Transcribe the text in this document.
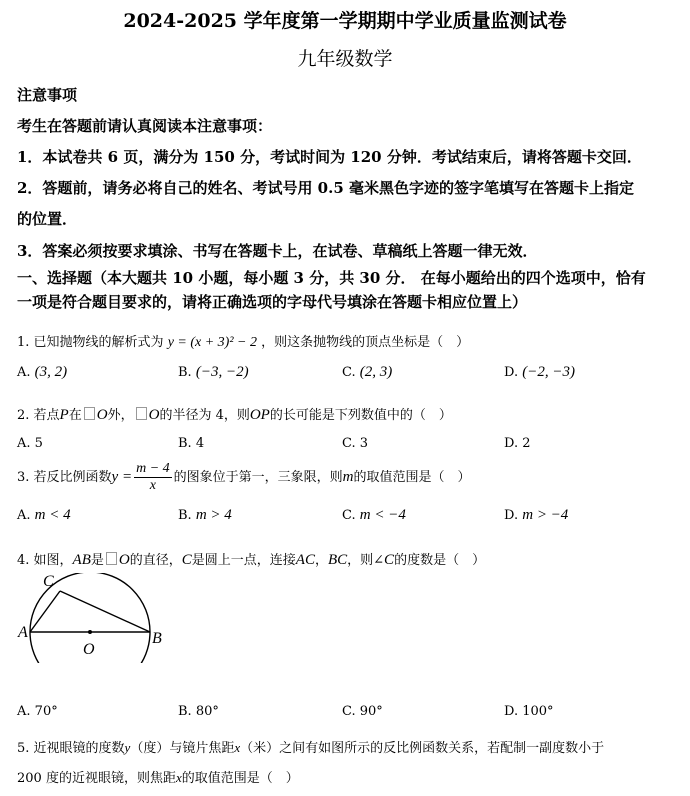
2024-2025 学年度第一学期期中学业质量监测试卷
九年级数学
注意事项
考生在答题前请认真阅读本注意事项：
1．本试卷共 6 页，满分为 150 分，考试时间为 120 分钟．考试结束后，请将答题卡交回．
2．答题前，请务必将自己的姓名、考试号用 0.5 毫米黑色字迹的签字笔填写在答题卡上指定
的位置．
3．答案必须按要求填涂、书写在答题卡上，在试卷、草稿纸上答题一律无效．
一、选择题（本大题共 10 小题，每小题 3 分，共 30 分． 在每小题给出的四个选项中，恰有
一项是符合题目要求的，请将正确选项的字母代号填涂在答题卡相应位置上）
1. 已知抛物线的解析式为 y = (x + 3)² − 2 ，则这条抛物线的顶点坐标是（　）
A. (3, 2)	B. (−3, −2)	C. (2, 3)	D. (−2, −3)
2. 若点P在 O外， O的半径为 4，则OP的长可能是下列数值中的（　）
A. 5	B. 4	C. 3	D. 2
3. 若反比例函数$y = \frac{m - 4}{x}$ 的图象位于第一，三象限，则m的取值范围是（　）
A. m < 4	B. m > 4	C. m < −4	D. m > −4
4. 如图，AB是 O的直径，C是圆上一点，连接AC，BC，则∠C的度数是（　）
C
A	B
O
A. 70°	B. 80°	C. 90°	D. 100°
5. 近视眼镜的度数y（度）与镜片焦距x（米）之间有如图所示的反比例函数关系，若配制一副度数小于
200 度的近视眼镜，则焦距x的取值范围是（　）
